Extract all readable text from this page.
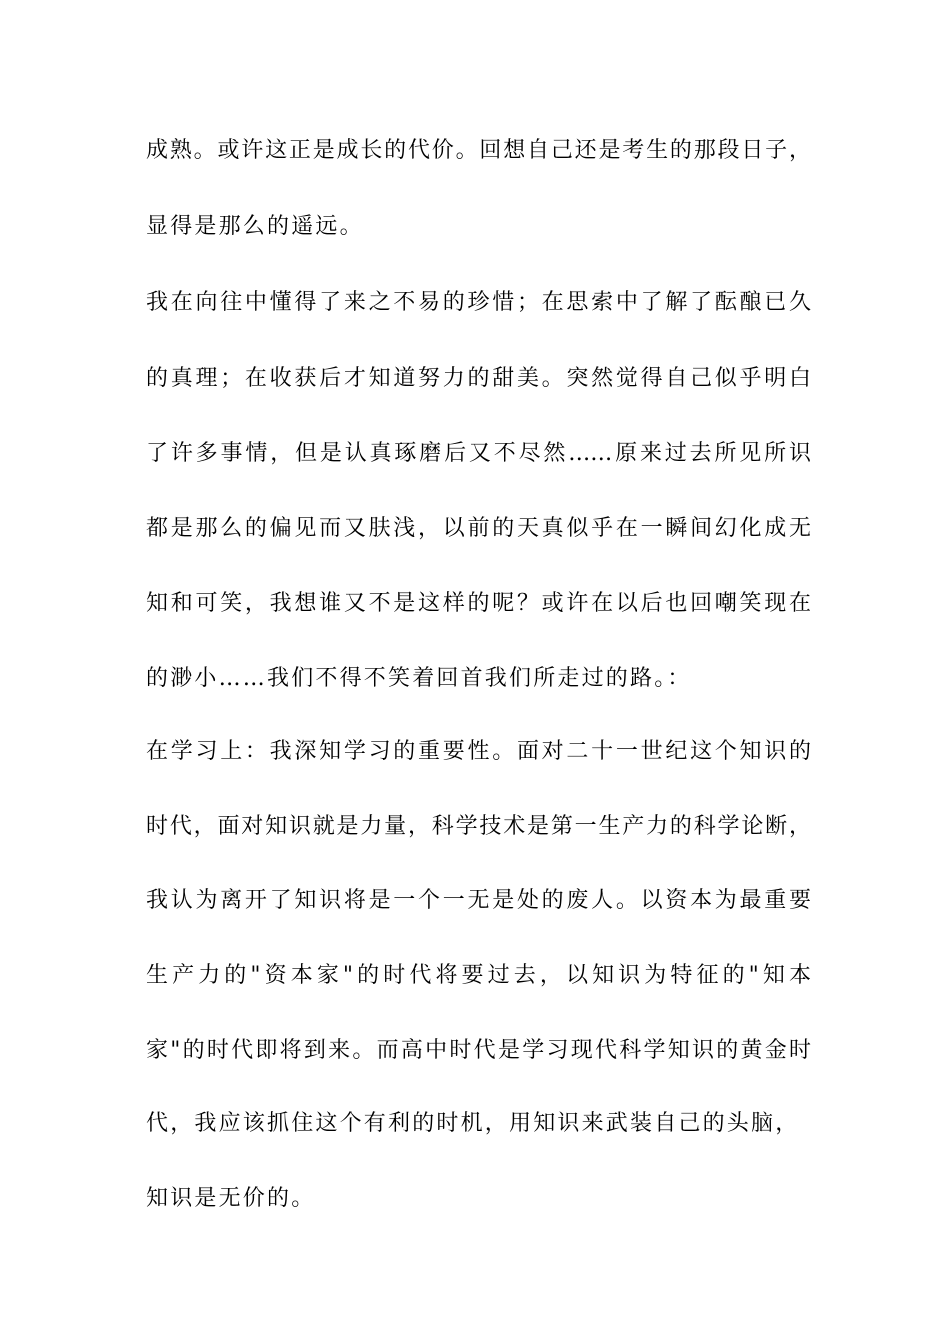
成熟。或许这正是成长的代价。回想自己还是考生的那段日子，
显得是那么的遥远。
我在向往中懂得了来之不易的珍惜；在思索中了解了酝酿已久
的真理；在收获后才知道努力的甜美。突然觉得自己似乎明白
了许多事情，但是认真琢磨后又不尽然……原来过去所见所识
都是那么的偏见而又肤浅，以前的天真似乎在一瞬间幻化成无
知和可笑，我想谁又不是这样的呢？或许在以后也回嘲笑现在
的渺小……我们不得不笑着回首我们所走过的路。：
在学习上：我深知学习的重要性。面对二十一世纪这个知识的
时代，面对知识就是力量，科学技术是第一生产力的科学论断，
我认为离开了知识将是一个一无是处的废人。以资本为最重要
生产力的"资本家"的时代将要过去，以知识为特征的"知本
家"的时代即将到来。而高中时代是学习现代科学知识的黄金时
代，我应该抓住这个有利的时机，用知识来武装自己的头脑，
知识是无价的。
